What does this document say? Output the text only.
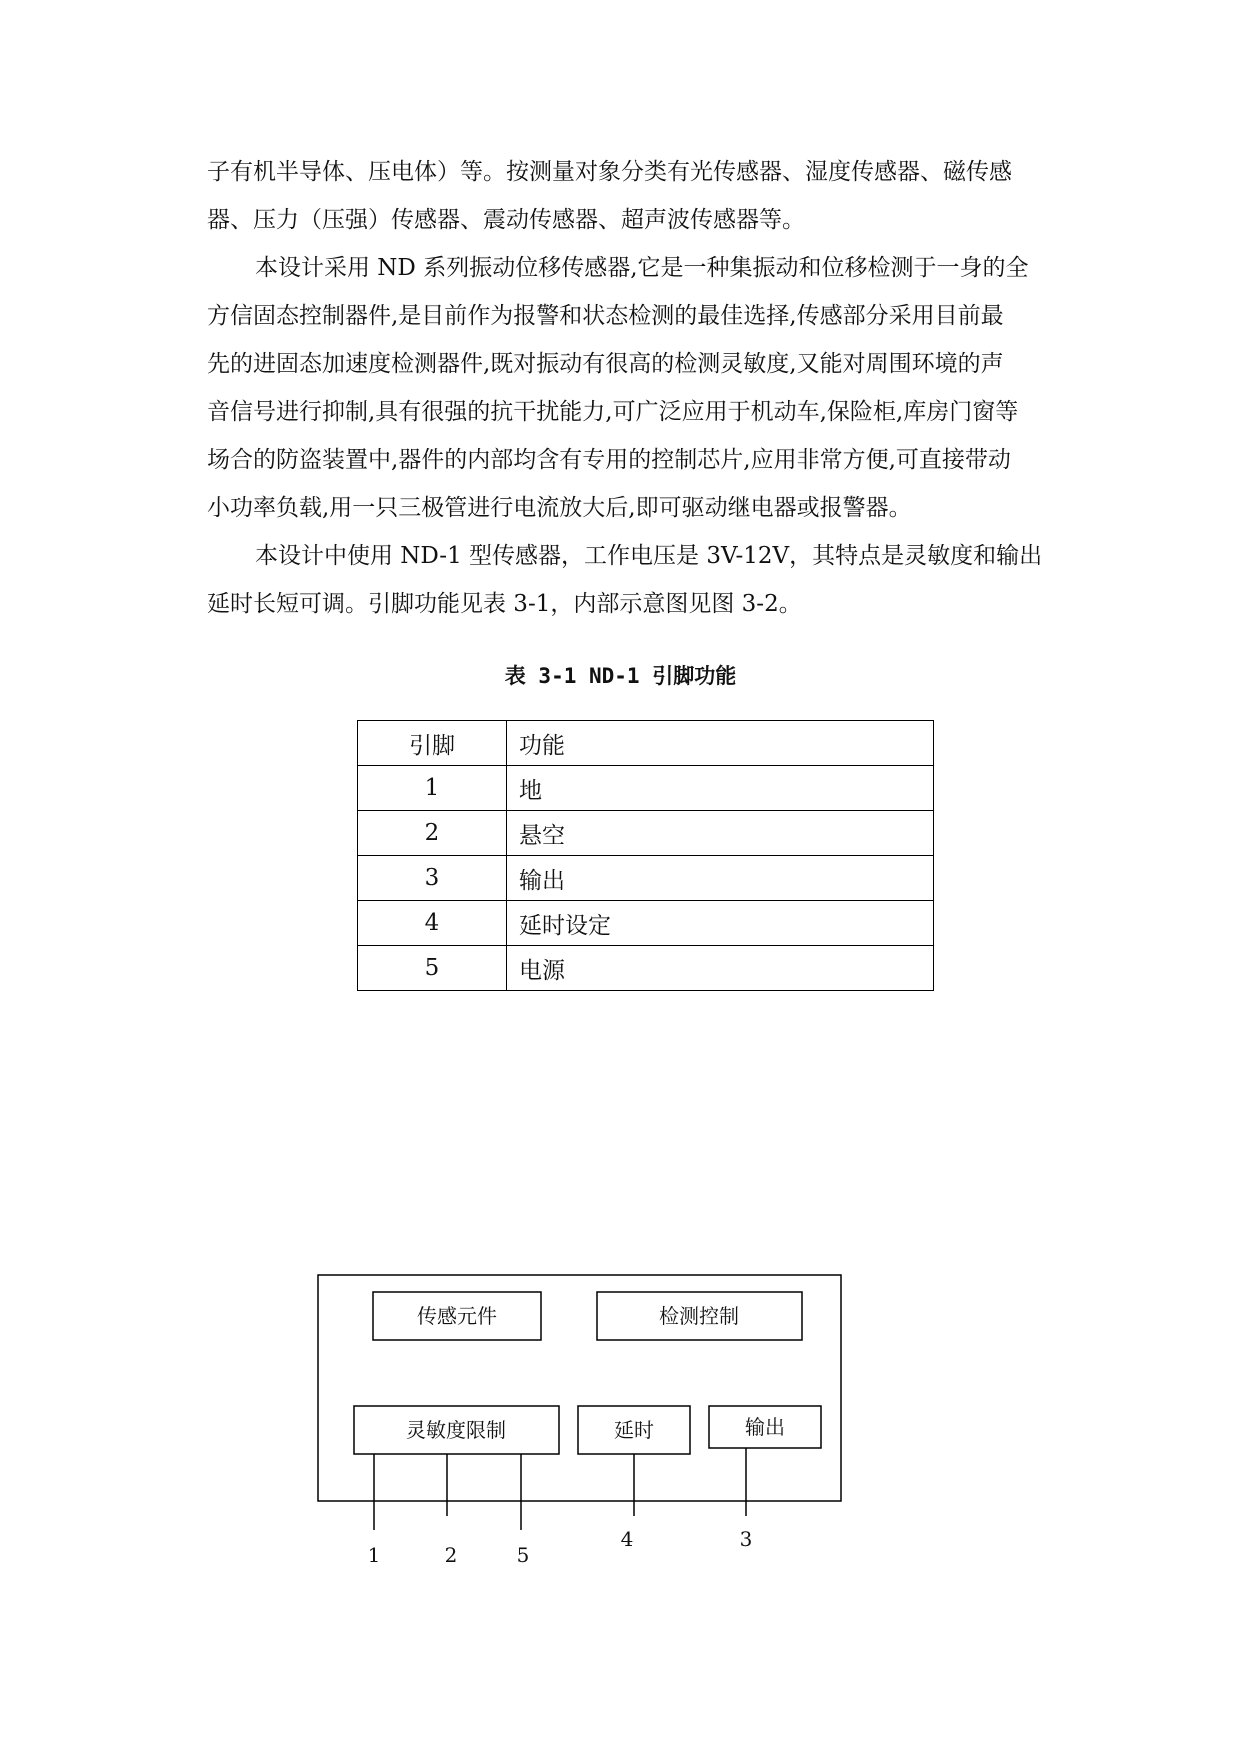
子有机半导体、压电体）等。按测量对象分类有光传感器、湿度传感器、磁传感
器、压力（压强）传感器、震动传感器、超声波传感器等。

本设计采用 ND 系列振动位移传感器,它是一种集振动和位移检测于一身的全
方信固态控制器件,是目前作为报警和状态检测的最佳选择,传感部分采用目前最
先的进固态加速度检测器件,既对振动有很高的检测灵敏度,又能对周围环境的声
音信号进行抑制,具有很强的抗干扰能力,可广泛应用于机动车,保险柜,库房门窗等
场合的防盗装置中,器件的内部均含有专用的控制芯片,应用非常方便,可直接带动
小功率负载,用一只三极管进行电流放大后,即可驱动继电器或报警器。

本设计中使用 ND-1 型传感器，工作电压是 3V-12V，其特点是灵敏度和输出
延时长短可调。引脚功能见表 3-1，内部示意图见图 3-2。

表 3-1 ND-1 引脚功能
引脚	功能
1	地
2	悬空
3	输出
4	延时设定
5	电源
传感元件	检测控制
灵敏度限制	延时	输出
1	2	5
4	3
